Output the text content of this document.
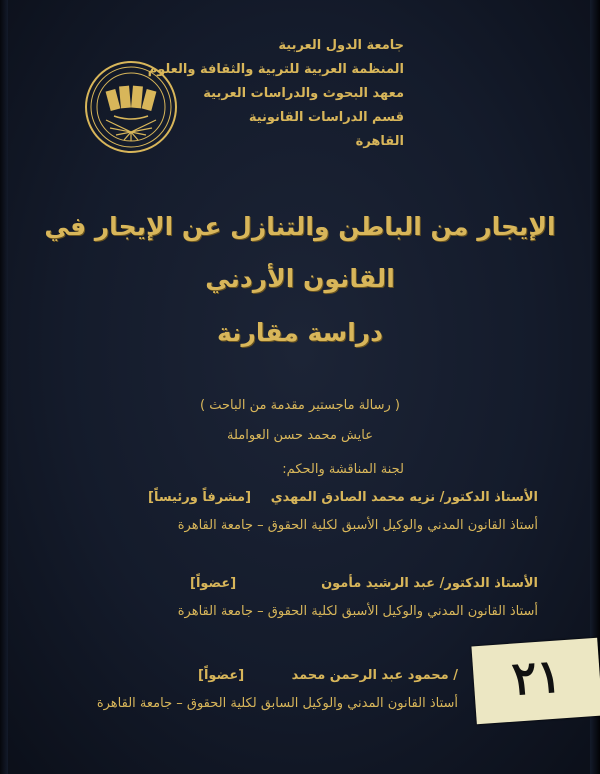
جامعة الدول العربية
المنظمة العربية للتربية والثقافة والعلوم
معهد البحوث والدراسات العربية
قسم الدراسات القانونية
القاهرة
الإيجار من الباطن والتنازل عن الإيجار في
القانون الأردني
دراسة مقارنة
( رسالة ماجستير مقدمة من الباحث )
عايش محمد حسن العواملة
لجنة المناقشة والحكم:
الأستاذ الدكتور/ نزيه محمد الصادق المهدي
[مشرفاً ورئيساً]
أستاذ القانون المدني والوكيل الأسبق لكلية الحقوق – جامعة القاهرة
الأستاذ الدكتور/ عبد الرشيد مأمون
[عضواً]
أستاذ القانون المدني والوكيل الأسبق لكلية الحقوق – جامعة القاهرة
/ محمود عبد الرحمن محمد
[عضواً]
أستاذ القانون المدني والوكيل السابق لكلية الحقوق – جامعة القاهرة	٢١
